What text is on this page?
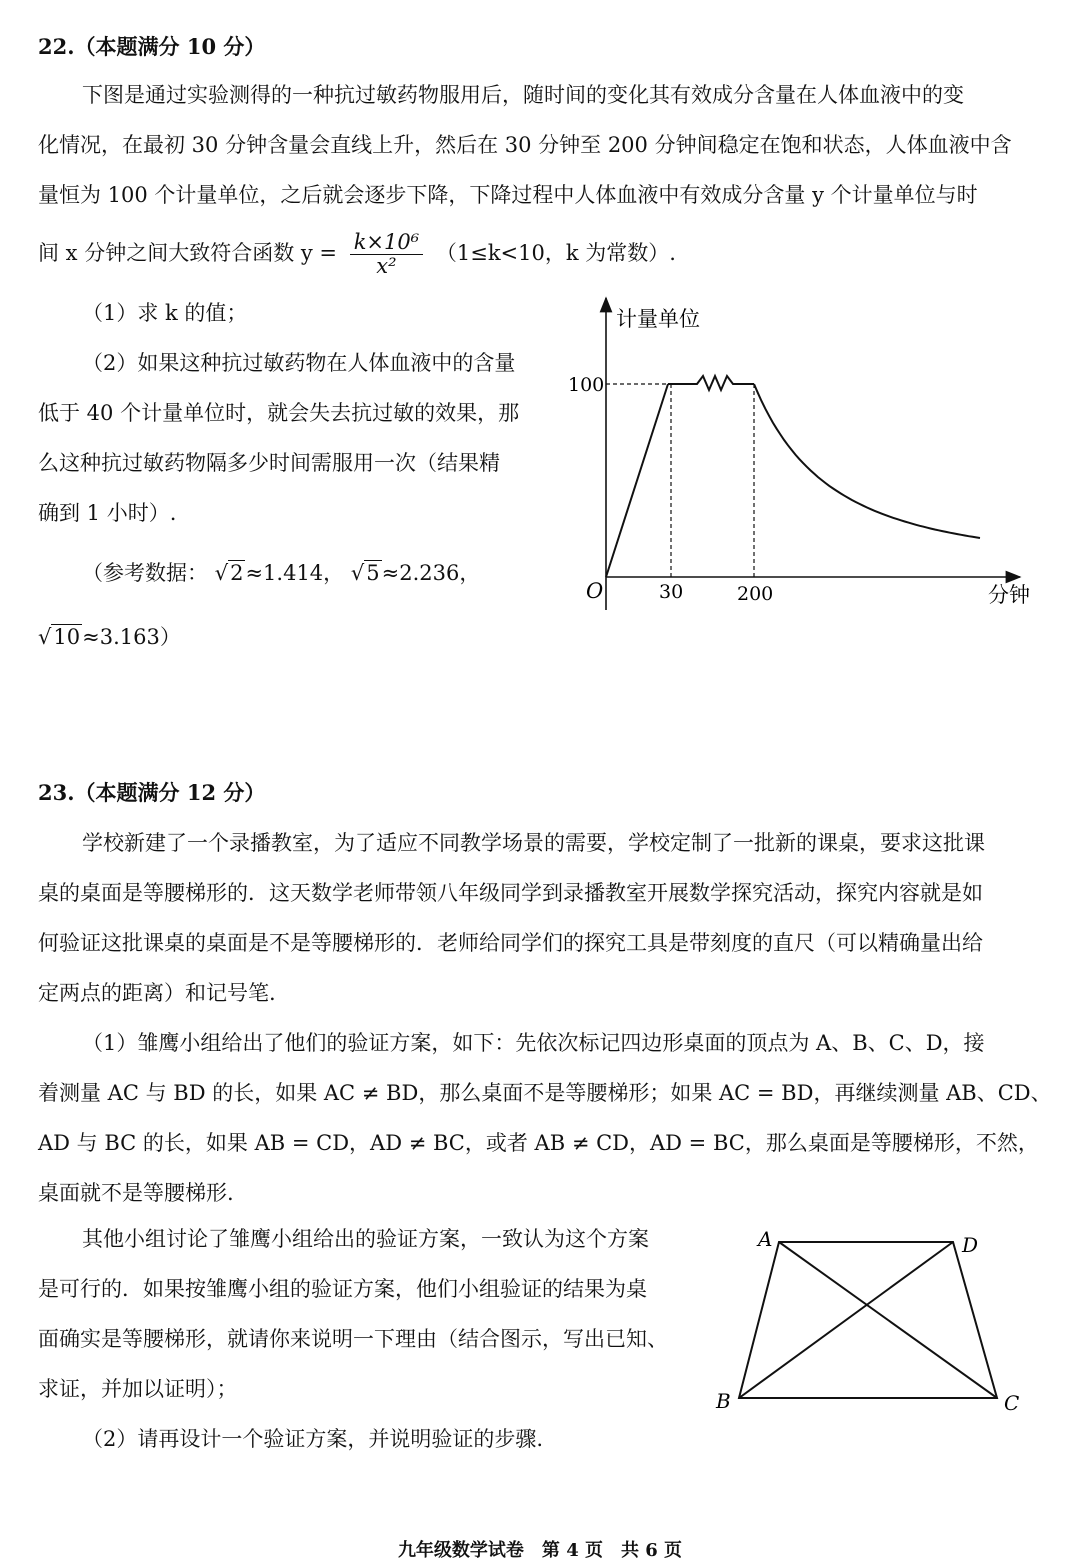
22.（本题满分 10 分）
下图是通过实验测得的一种抗过敏药物服用后，随时间的变化其有效成分含量在人体血液中的变
化情况，在最初 30 分钟含量会直线上升，然后在 30 分钟至 200 分钟间稳定在饱和状态，人体血液中含
量恒为 100 个计量单位，之后就会逐步下降，下降过程中人体血液中有效成分含量 y 个计量单位与时
间 x 分钟之间大致符合函数 $y = \frac{\text{k×10⁶}}{\text{x²}} (1\le k<10$，k 为常数）.
（1）求 k 的值；
（2）如果这种抗过敏药物在人体血液中的含量
低于 40 个计量单位时，就会失去抗过敏的效果，那
么这种抗过敏药物隔多少时间需服用一次（结果精
确到 1 小时）.
（参考数据： √2≈1.414， √5≈2.236，
√10≈3.163）
计量单位
分钟
O
100
30	200
23.（本题满分 12 分）
学校新建了一个录播教室，为了适应不同教学场景的需要，学校定制了一批新的课桌，要求这批课
桌的桌面是等腰梯形的．这天数学老师带领八年级同学到录播教室开展数学探究活动，探究内容就是如
何验证这批课桌的桌面是不是等腰梯形的．老师给同学们的探究工具是带刻度的直尺（可以精确量出给
定两点的距离）和记号笔.
（1）雏鹰小组给出了他们的验证方案，如下：先依次标记四边形桌面的顶点为 A、B、C、D，接
着测量 AC 与 BD 的长，如果 AC ≠ BD，那么桌面不是等腰梯形；如果 AC = BD，再继续测量 AB、CD、
AD 与 BC 的长，如果 AB = CD，AD ≠ BC，或者 AB ≠ CD，AD = BC，那么桌面是等腰梯形，不然，
桌面就不是等腰梯形.
其他小组讨论了雏鹰小组给出的验证方案，一致认为这个方案
是可行的．如果按雏鹰小组的验证方案，他们小组验证的结果为桌
面确实是等腰梯形，就请你来说明一下理由（结合图示，写出已知、
求证，并加以证明）；
（2）请再设计一个验证方案，并说明验证的步骤.
A	D
B	C
九年级数学试卷　第 4 页　共 6 页
